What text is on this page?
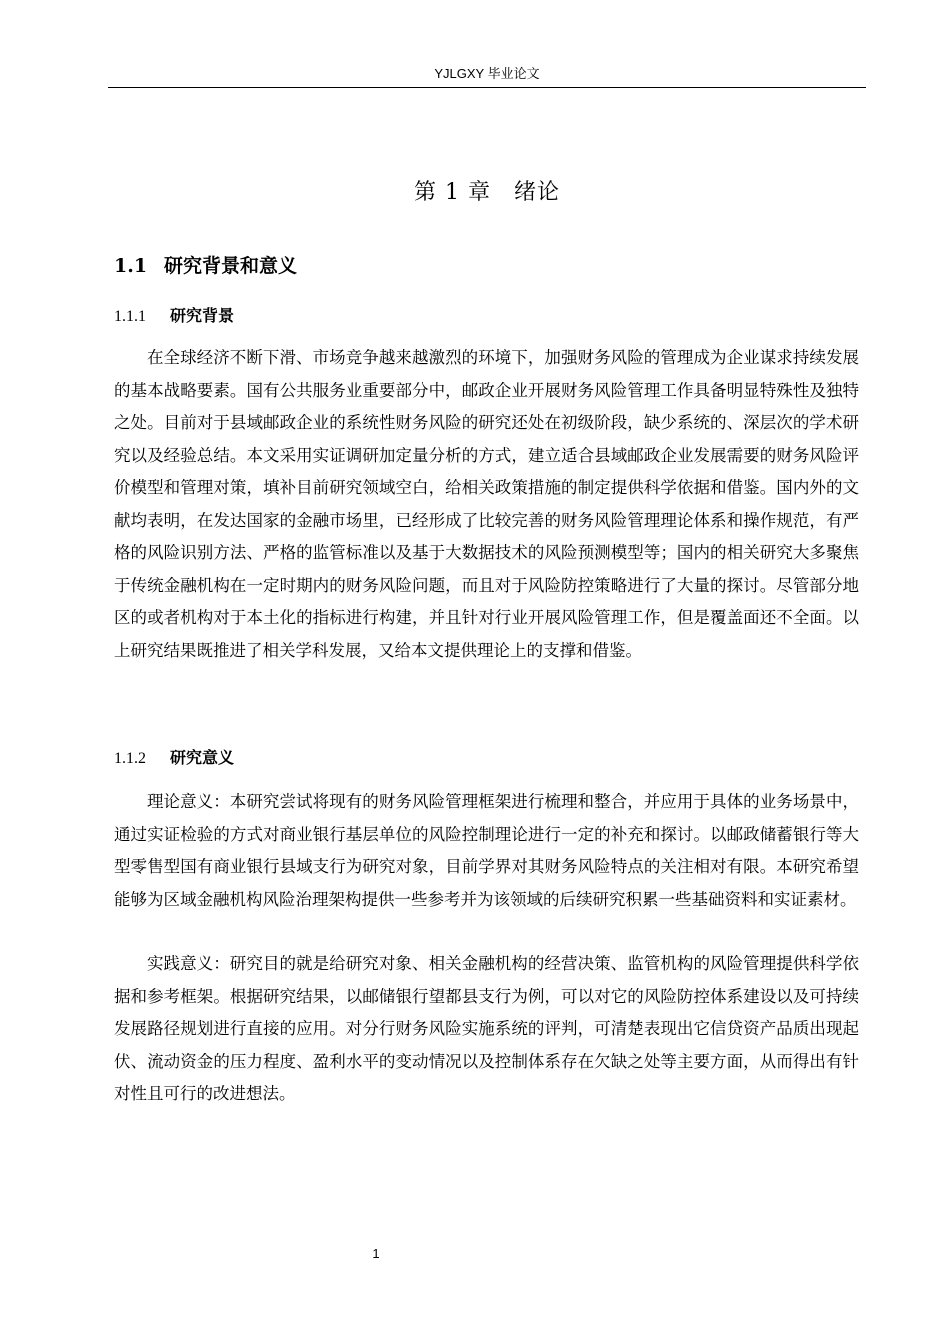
YJLGXY 毕业论文
第 1 章　绪论
1.1 研究背景和意义
1.1.1 研究背景

在全球经济不断下滑、市场竞争越来越激烈的环境下，加强财务风险的管理成为企业谋求持续发展的基本战略要素。国有公共服务业重要部分中，邮政企业开展财务风险管理工作具备明显特殊性及独特之处。目前对于县域邮政企业的系统性财务风险的研究还处在初级阶段，缺少系统的、深层次的学术研究以及经验总结。本文采用实证调研加定量分析的方式，建立适合县域邮政企业发展需要的财务风险评价模型和管理对策，填补目前研究领域空白，给相关政策措施的制定提供科学依据和借鉴。国内外的文献均表明，在发达国家的金融市场里，已经形成了比较完善的财务风险管理理论体系和操作规范，有严格的风险识别方法、严格的监管标准以及基于大数据技术的风险预测模型等；国内的相关研究大多聚焦于传统金融机构在一定时期内的财务风险问题，而且对于风险防控策略进行了大量的探讨。尽管部分地区的或者机构对于本土化的指标进行构建，并且针对行业开展风险管理工作，但是覆盖面还不全面。以上研究结果既推进了相关学科发展，又给本文提供理论上的支撑和借鉴。

1.1.2 研究意义

理论意义：本研究尝试将现有的财务风险管理框架进行梳理和整合，并应用于具体的业务场景中，通过实证检验的方式对商业银行基层单位的风险控制理论进行一定的补充和探讨。以邮政储蓄银行等大型零售型国有商业银行县域支行为研究对象，目前学界对其财务风险特点的关注相对有限。本研究希望能够为区域金融机构风险治理架构提供一些参考并为该领域的后续研究积累一些基础资料和实证素材。

实践意义：研究目的就是给研究对象、相关金融机构的经营决策、监管机构的风险管理提供科学依据和参考框架。根据研究结果，以邮储银行望都县支行为例，可以对它的风险防控体系建设以及可持续发展路径规划进行直接的应用。对分行财务风险实施系统的评判，可清楚表现出它信贷资产品质出现起伏、流动资金的压力程度、盈利水平的变动情况以及控制体系存在欠缺之处等主要方面，从而得出有针对性且可行的改进想法。

1
